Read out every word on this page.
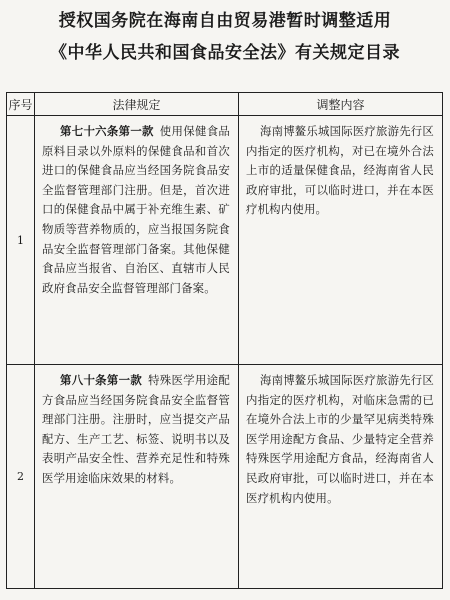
授权国务院在海南自由贸易港暂时调整适用
《中华人民共和国食品安全法》有关规定目录
序号	法律规定	调整内容
1	第七十六条第一款 使用保健食品原料目录以外原料的保健食品和首次进口的保健食品应当经国务院食品安全监督管理部门注册。但是，首次进口的保健食品中属于补充维生素、矿物质等营养物质的，应当报国务院食品安全监督管理部门备案。其他保健食品应当报省、自治区、直辖市人民政府食品安全监督管理部门备案。	海南博鳌乐城国际医疗旅游先行区内指定的医疗机构，对已在境外合法上市的适量保健食品，经海南省人民政府审批，可以临时进口，并在本医疗机构内使用。

2	第八十条第一款 特殊医学用途配方食品应当经国务院食品安全监督管理部门注册。注册时，应当提交产品配方、生产工艺、标签、说明书以及表明产品安全性、营养充足性和特殊医学用途临床效果的材料。	海南博鳌乐城国际医疗旅游先行区内指定的医疗机构，对临床急需的已在境外合法上市的少量罕见病类特殊医学用途配方食品、少量特定全营养特殊医学用途配方食品，经海南省人民政府审批，可以临时进口，并在本医疗机构内使用。
